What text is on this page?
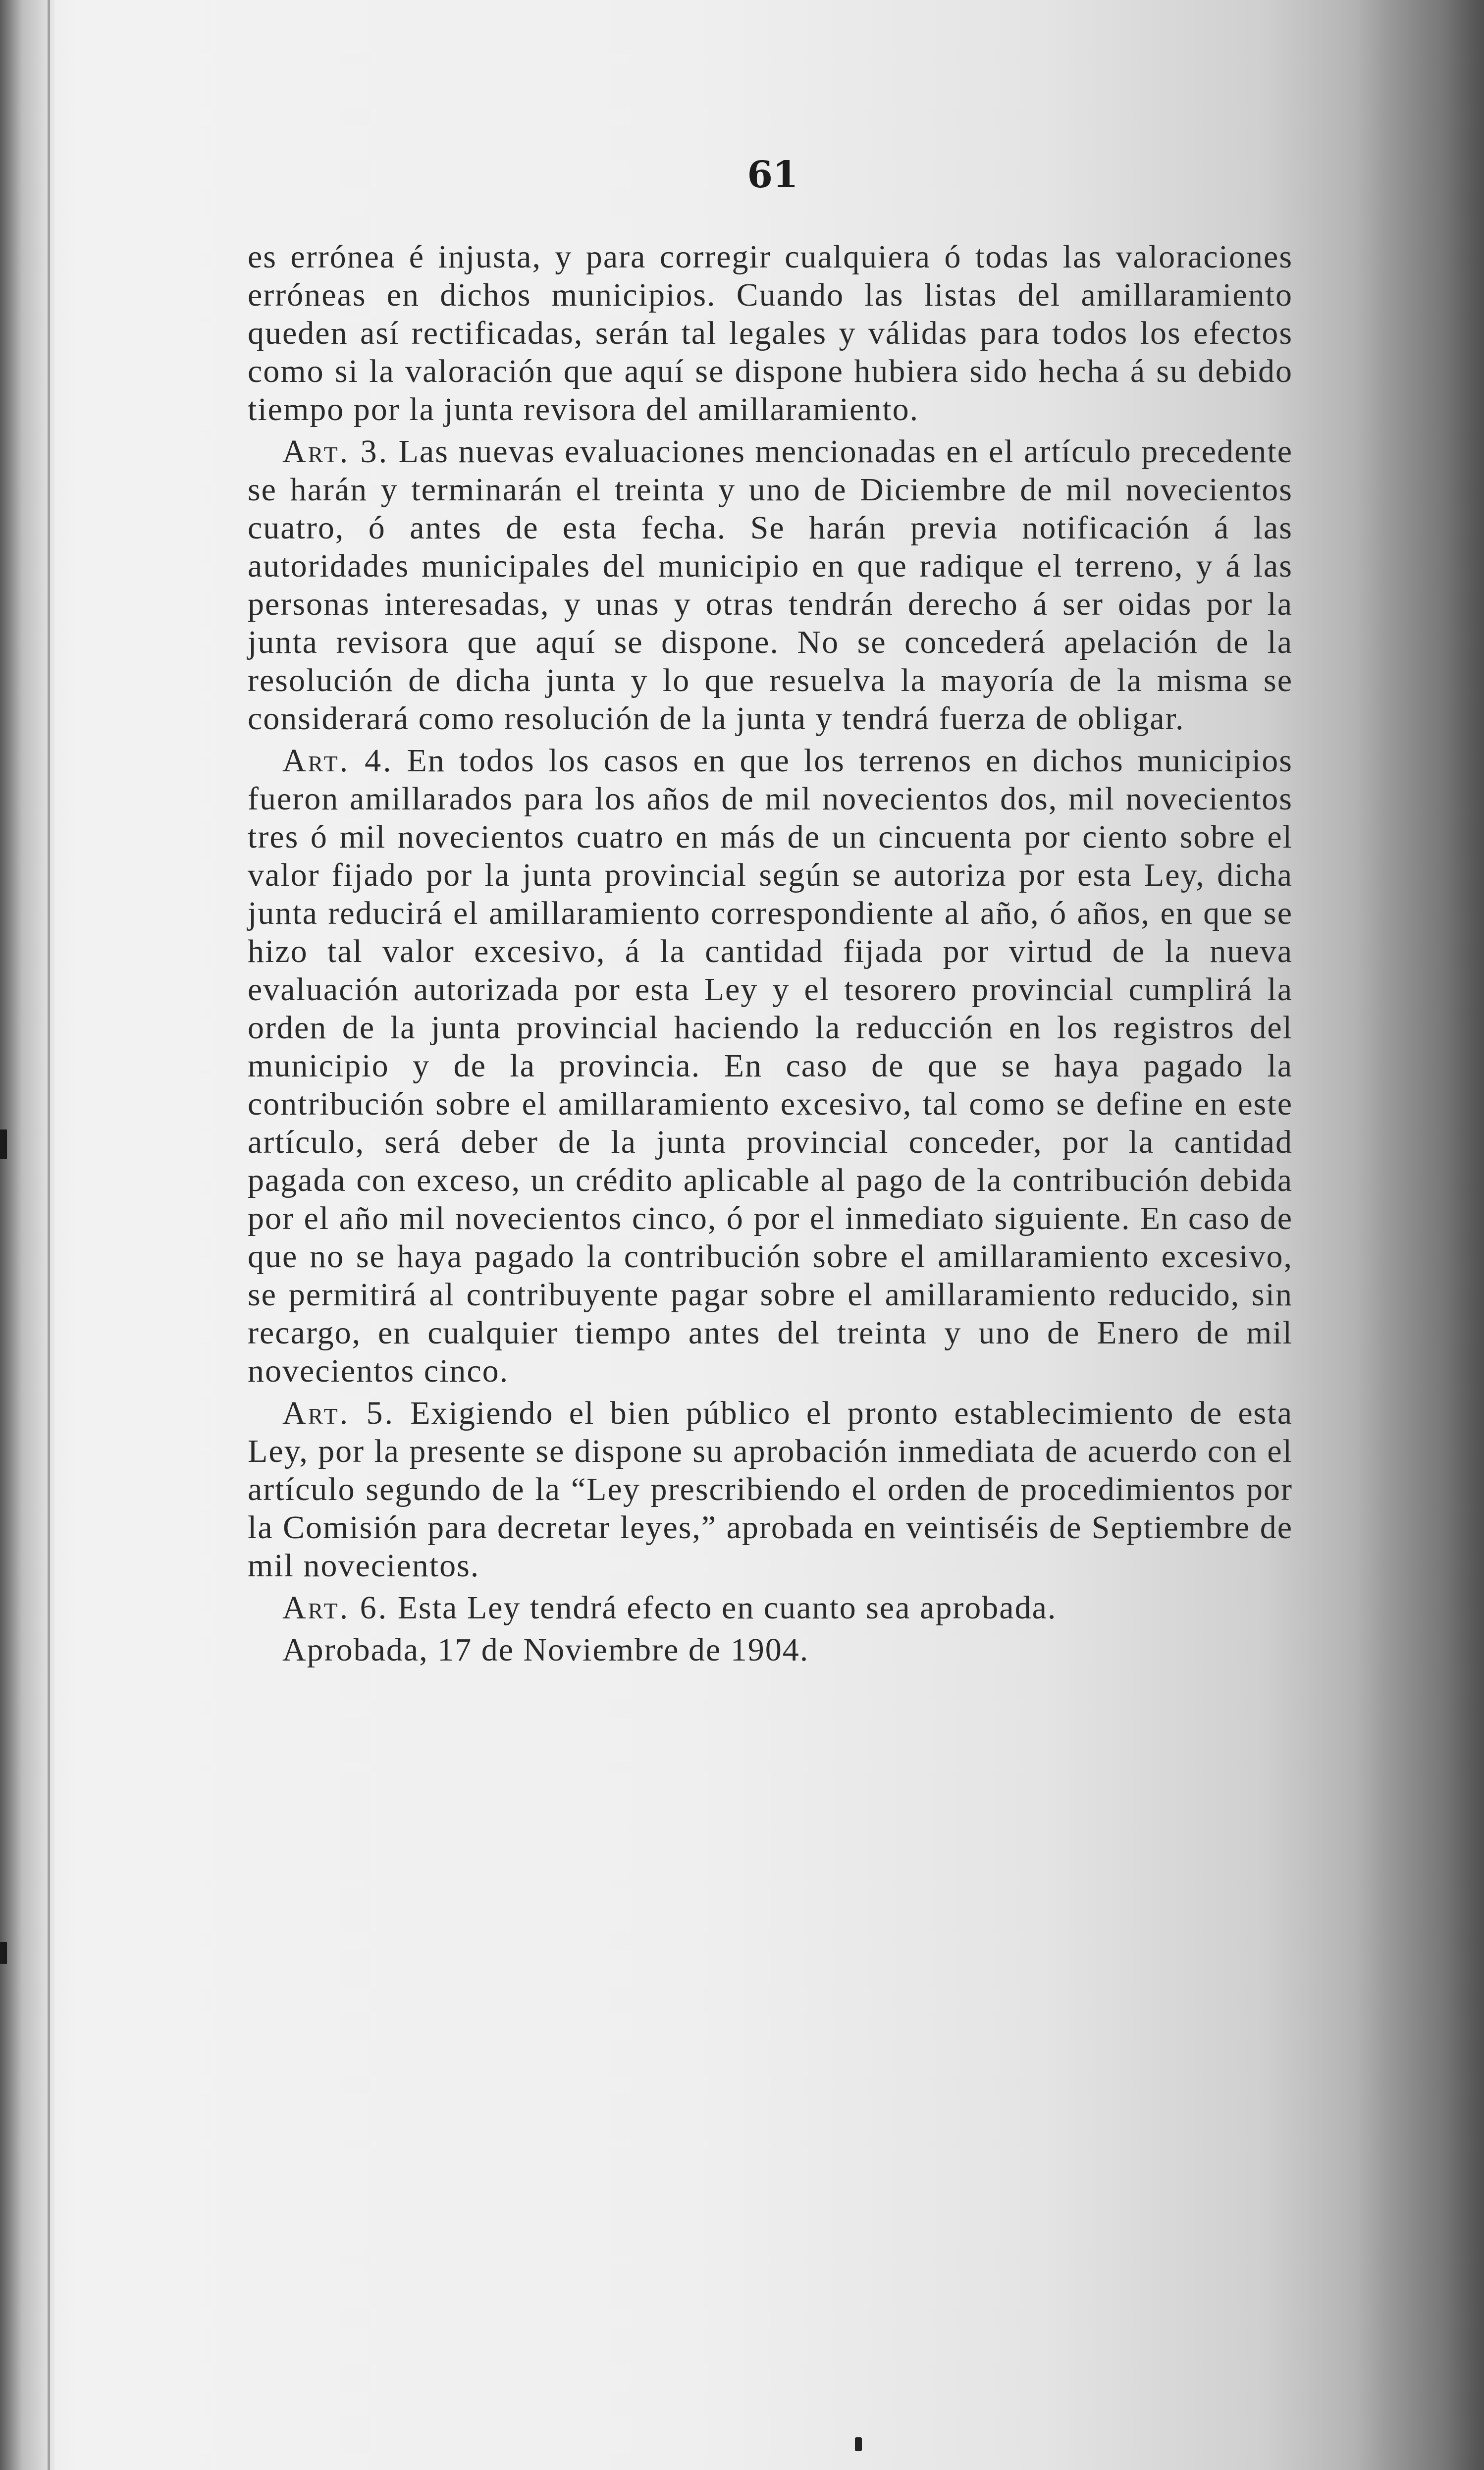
61

es errónea é injusta, y para corregir cualquiera ó todas las valoraciones erróneas en dichos municipios. Cuando las listas del amillaramiento queden así rectificadas, serán tal legales y válidas para todos los efectos como si la valoración que aquí se dispone hubiera sido hecha á su debido tiempo por la junta revisora del amillaramiento.

Art. 3. Las nuevas evaluaciones mencionadas en el artículo precedente se harán y terminarán el treinta y uno de Diciembre de mil novecientos cuatro, ó antes de esta fecha. Se harán previa notificación á las autoridades municipales del municipio en que radique el terreno, y á las personas interesadas, y unas y otras tendrán derecho á ser oidas por la junta revisora que aquí se dispone. No se concederá apelación de la resolución de dicha junta y lo que resuelva la mayoría de la misma se considerará como resolución de la junta y tendrá fuerza de obligar.

Art. 4. En todos los casos en que los terrenos en dichos municipios fueron amillarados para los años de mil novecientos dos, mil novecientos tres ó mil novecientos cuatro en más de un cincuenta por ciento sobre el valor fijado por la junta provincial según se autoriza por esta Ley, dicha junta reducirá el amillaramiento correspondiente al año, ó años, en que se hizo tal valor excesivo, á la cantidad fijada por virtud de la nueva evaluación autorizada por esta Ley y el tesorero provincial cumplirá la orden de la junta provincial haciendo la reducción en los registros del municipio y de la provincia. En caso de que se haya pagado la contribución sobre el amillaramiento excesivo, tal como se define en este artículo, será deber de la junta provincial conceder, por la cantidad pagada con exceso, un crédito aplicable al pago de la contribución debida por el año mil novecientos cinco, ó por el inmediato siguiente. En caso de que no se haya pagado la contribución sobre el amillaramiento excesivo, se permitirá al contribuyente pagar sobre el amillaramiento reducido, sin recargo, en cualquier tiempo antes del treinta y uno de Enero de mil novecientos cinco.

Art. 5. Exigiendo el bien público el pronto establecimiento de esta Ley, por la presente se dispone su aprobación inmediata de acuerdo con el artículo segundo de la “Ley prescribiendo el orden de procedimientos por la Comisión para decretar leyes,” aprobada en veintiséis de Septiembre de mil novecientos.

Art. 6. Esta Ley tendrá efecto en cuanto sea aprobada.

Aprobada, 17 de Noviembre de 1904.
